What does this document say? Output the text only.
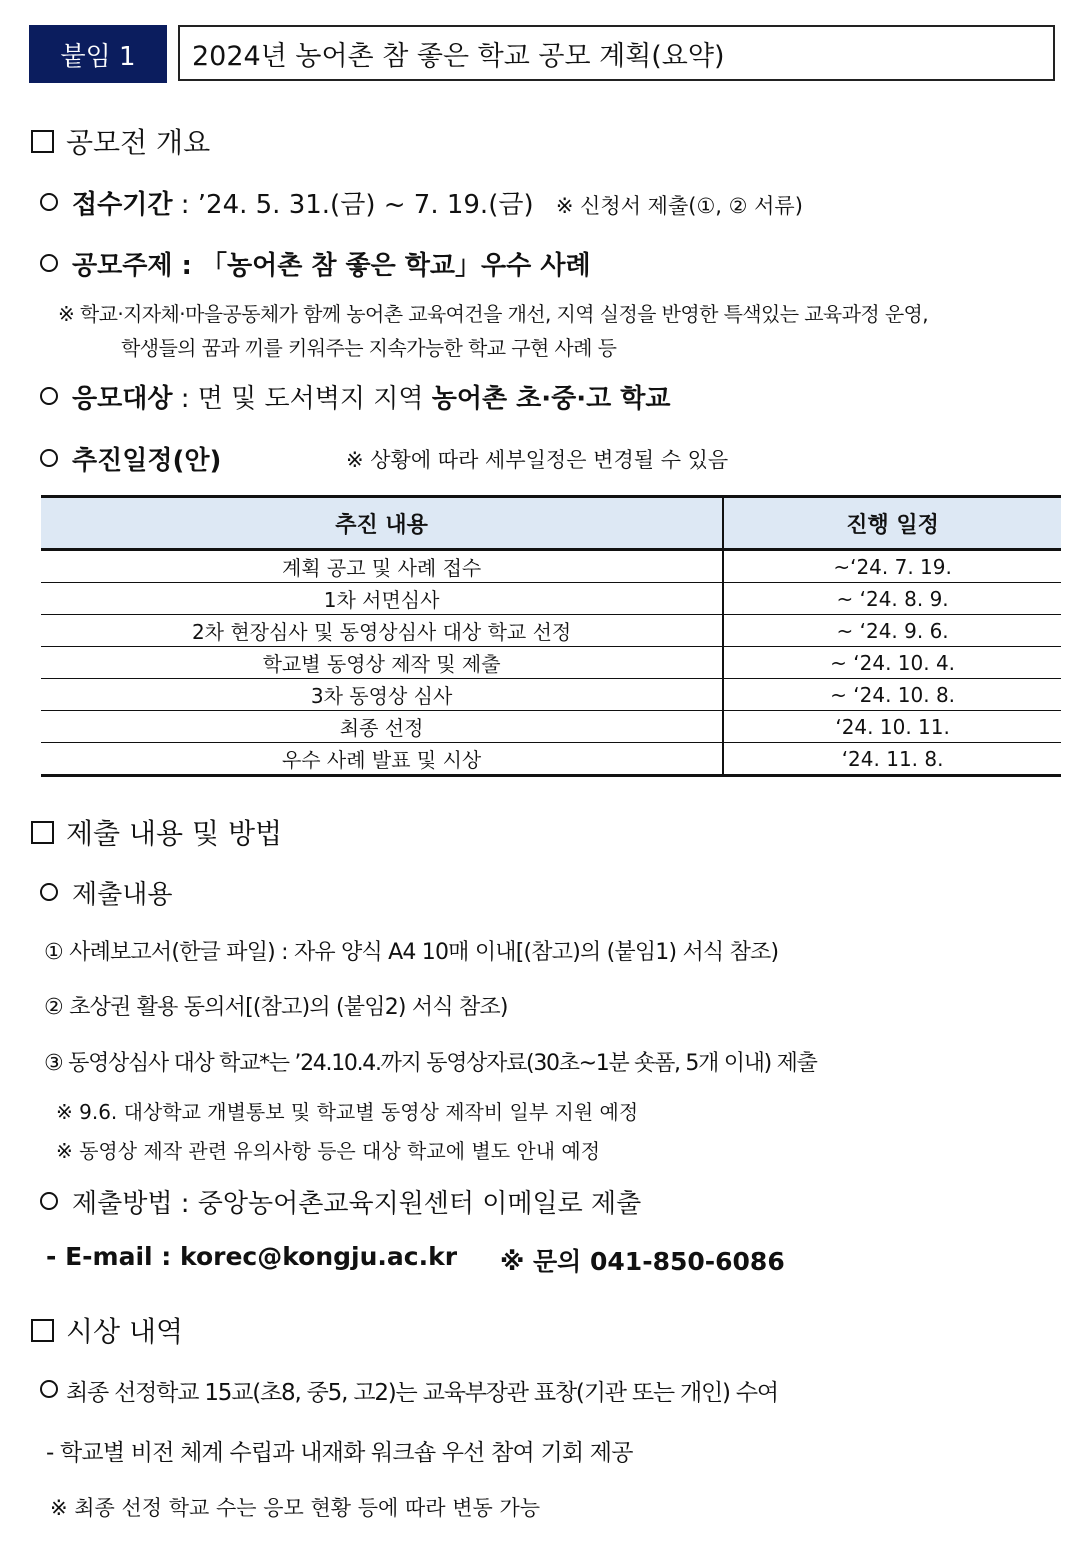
붙임 1	2024년 농어촌 참 좋은 학교 공모 계획(요약)
공모전 개요
접수기간 : ’24. 5. 31.(금) ~ 7. 19.(금) ※ 신청서 제출(①, ② 서류)
공모주제 : 「농어촌 참 좋은 학교」우수 사례
※ 학교·지자체·마을공동체가 함께 농어촌 교육여건을 개선, 지역 실정을 반영한 특색있는 교육과정 운영,
학생들의 꿈과 끼를 키워주는 지속가능한 학교 구현 사례 등
응모대상 : 면 및 도서벽지 지역 농어촌 초·중·고 학교
추진일정(안)	※ 상황에 따라 세부일정은 변경될 수 있음
추진 내용	진행 일정
계획 공고 및 사례 접수	~‘24. 7. 19.
1차 서면심사	~ ‘24. 8. 9.
2차 현장심사 및 동영상심사 대상 학교 선정	~ ‘24. 9. 6.
학교별 동영상 제작 및 제출	~ ‘24. 10. 4.
3차 동영상 심사	~ ‘24. 10. 8.
최종 선정	‘24. 10. 11.
우수 사례 발표 및 시상	‘24. 11. 8.
제출 내용 및 방법
제출내용
① 사례보고서(한글 파일) : 자유 양식 A4 10매 이내[(참고)의 (붙임1) 서식 참조)
② 초상권 활용 동의서[(참고)의 (붙임2) 서식 참조)
③ 동영상심사 대상 학교*는 ’24.10.4.까지 동영상자료(30초~1분 숏폼, 5개 이내) 제출
※ 9.6. 대상학교 개별통보 및 학교별 동영상 제작비 일부 지원 예정
※ 동영상 제작 관련 유의사항 등은 대상 학교에 별도 안내 예정
제출방법 : 중앙농어촌교육지원센터 이메일로 제출
- E-mail : korec@kongju.ac.kr ※ 문의 041-850-6086
시상 내역
최종 선정학교 15교(초8, 중5, 고2)는 교육부장관 표창(기관 또는 개인) 수여
- 학교별 비전 체계 수립과 내재화 워크숍 우선 참여 기회 제공
※ 최종 선정 학교 수는 응모 현황 등에 따라 변동 가능
